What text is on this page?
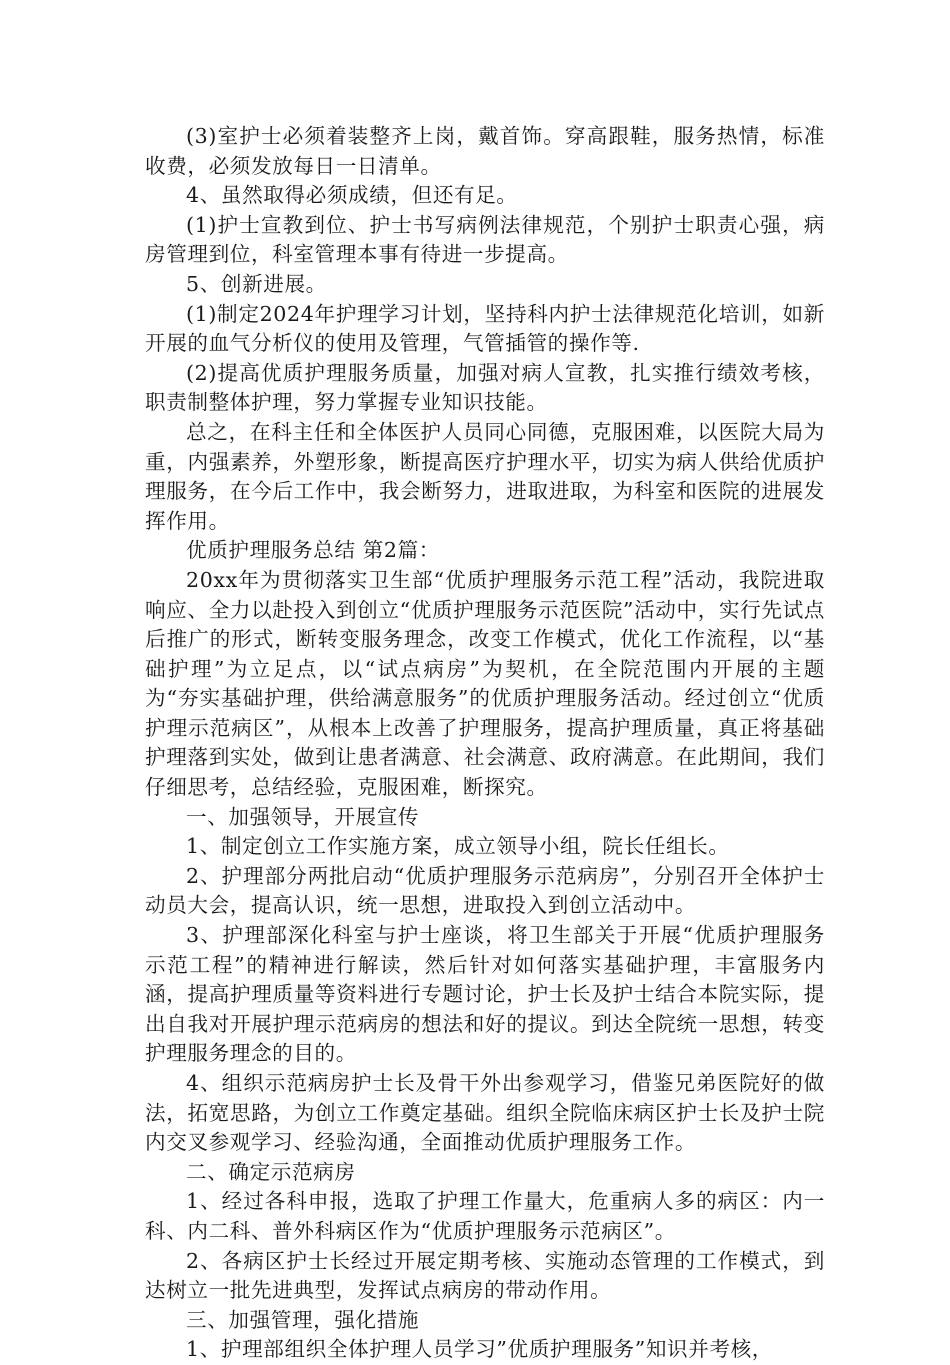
(3)室护士必须着装整齐上岗，戴首饰。穿高跟鞋，服务热情，标准收费，必须发放每日一日清单。

4、虽然取得必须成绩，但还有足。

(1)护士宣教到位、护士书写病例法律规范，个别护士职责心强，病房管理到位，科室管理本事有待进一步提高。

5、创新进展。

(1)制定2024年护理学习计划，坚持科内护士法律规范化培训，如新开展的血气分析仪的使用及管理，气管插管的操作等.

(2)提高优质护理服务质量，加强对病人宣教，扎实推行绩效考核，职责制整体护理，努力掌握专业知识技能。

总之，在科主任和全体医护人员同心同德，克服困难，以医院大局为重，内强素养，外塑形象，断提高医疗护理水平，切实为病人供给优质护理服务，在今后工作中，我会断努力，进取进取，为科室和医院的进展发挥作用。

优质护理服务总结 第2篇：

20xx年为贯彻落实卫生部“优质护理服务示范工程”活动，我院进取响应、全力以赴投入到创立“优质护理服务示范医院”活动中，实行先试点后推广的形式，断转变服务理念，改变工作模式，优化工作流程，以“基础护理”为立足点，以“试点病房”为契机，在全院范围内开展的主题为“夯实基础护理，供给满意服务”的优质护理服务活动。经过创立“优质护理示范病区”，从根本上改善了护理服务，提高护理质量，真正将基础护理落到实处，做到让患者满意、社会满意、政府满意。在此期间，我们仔细思考，总结经验，克服困难，断探究。

一、加强领导，开展宣传

1、制定创立工作实施方案，成立领导小组，院长任组长。

2、护理部分两批启动“优质护理服务示范病房”，分别召开全体护士动员大会，提高认识，统一思想，进取投入到创立活动中。

3、护理部深化科室与护士座谈，将卫生部关于开展“优质护理服务示范工程”的精神进行解读，然后针对如何落实基础护理，丰富服务内涵，提高护理质量等资料进行专题讨论，护士长及护士结合本院实际，提出自我对开展护理示范病房的想法和好的提议。到达全院统一思想，转变护理服务理念的目的。

4、组织示范病房护士长及骨干外出参观学习，借鉴兄弟医院好的做法，拓宽思路，为创立工作奠定基础。组织全院临床病区护士长及护士院内交叉参观学习、经验沟通，全面推动优质护理服务工作。

二、确定示范病房

1、经过各科申报，选取了护理工作量大，危重病人多的病区：内一科、内二科、普外科病区作为“优质护理服务示范病区”。

2、各病区护士长经过开展定期考核、实施动态管理的工作模式，到达树立一批先进典型，发挥试点病房的带动作用。

三、加强管理，强化措施

1、护理部组织全体护理人员学习”优质护理服务”知识并考核，
